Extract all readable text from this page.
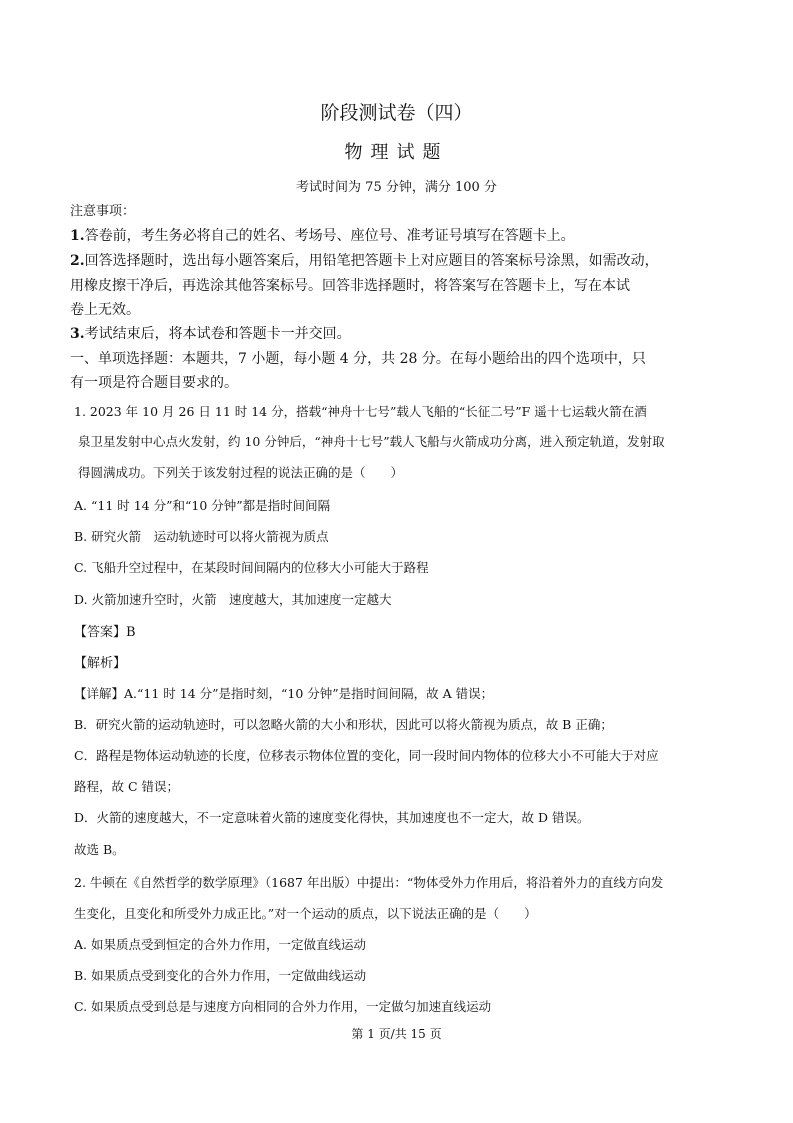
阶段测试卷（四）
物理试题
考试时间为 75 分钟，满分 100 分
注意事项：
1.答卷前，考生务必将自己的姓名、考场号、座位号、准考证号填写在答题卡上。
2.回答选择题时，选出每小题答案后，用铅笔把答题卡上对应题目的答案标号涂黑，如需改动，
用橡皮擦干净后，再选涂其他答案标号。回答非选择题时，将答案写在答题卡上，写在本试
卷上无效。
3.考试结束后，将本试卷和答题卡一并交回。
一、单项选择题：本题共，7 小题，每小题 4 分，共 28 分。在每小题给出的四个选项中，只
有一项是符合题目要求的。
1. 2023 年 10 月 26 日 11 时 14 分，搭载“神舟十七号”载人飞船的“长征二号”F 遥十七运载火箭在酒
泉卫星发射中心点火发射，约 10 分钟后，“神舟十七号”载人飞船与火箭成功分离，进入预定轨道，发射取
得圆满成功。下列关于该发射过程的说法正确的是（　　）
A. “11 时 14 分”和“10 分钟”都是指时间间隔
B. 研究火箭　运动轨迹时可以将火箭视为质点
C. 飞船升空过程中，在某段时间间隔内的位移大小可能大于路程
D. 火箭加速升空时，火箭　速度越大，其加速度一定越大
【答案】B
【解析】
【详解】A.“11 时 14 分”是指时刻，“10 分钟”是指时间间隔，故 A 错误；
B．研究火箭的运动轨迹时，可以忽略火箭的大小和形状，因此可以将火箭视为质点，故 B 正确；
C．路程是物体运动轨迹的长度，位移表示物体位置的变化，同一段时间内物体的位移大小不可能大于对应
路程，故 C 错误；
D．火箭的速度越大，不一定意味着火箭的速度变化得快，其加速度也不一定大，故 D 错误。
故选 B。
2. 牛顿在《自然哲学的数学原理》（1687 年出版）中提出：“物体受外力作用后，将沿着外力的直线方向发
生变化，且变化和所受外力成正比。”对一个运动的质点，以下说法正确的是（　　）
A. 如果质点受到恒定的合外力作用，一定做直线运动
B. 如果质点受到变化的合外力作用，一定做曲线运动
C. 如果质点受到总是与速度方向相同的合外力作用，一定做匀加速直线运动
第 1 页/共 15 页
